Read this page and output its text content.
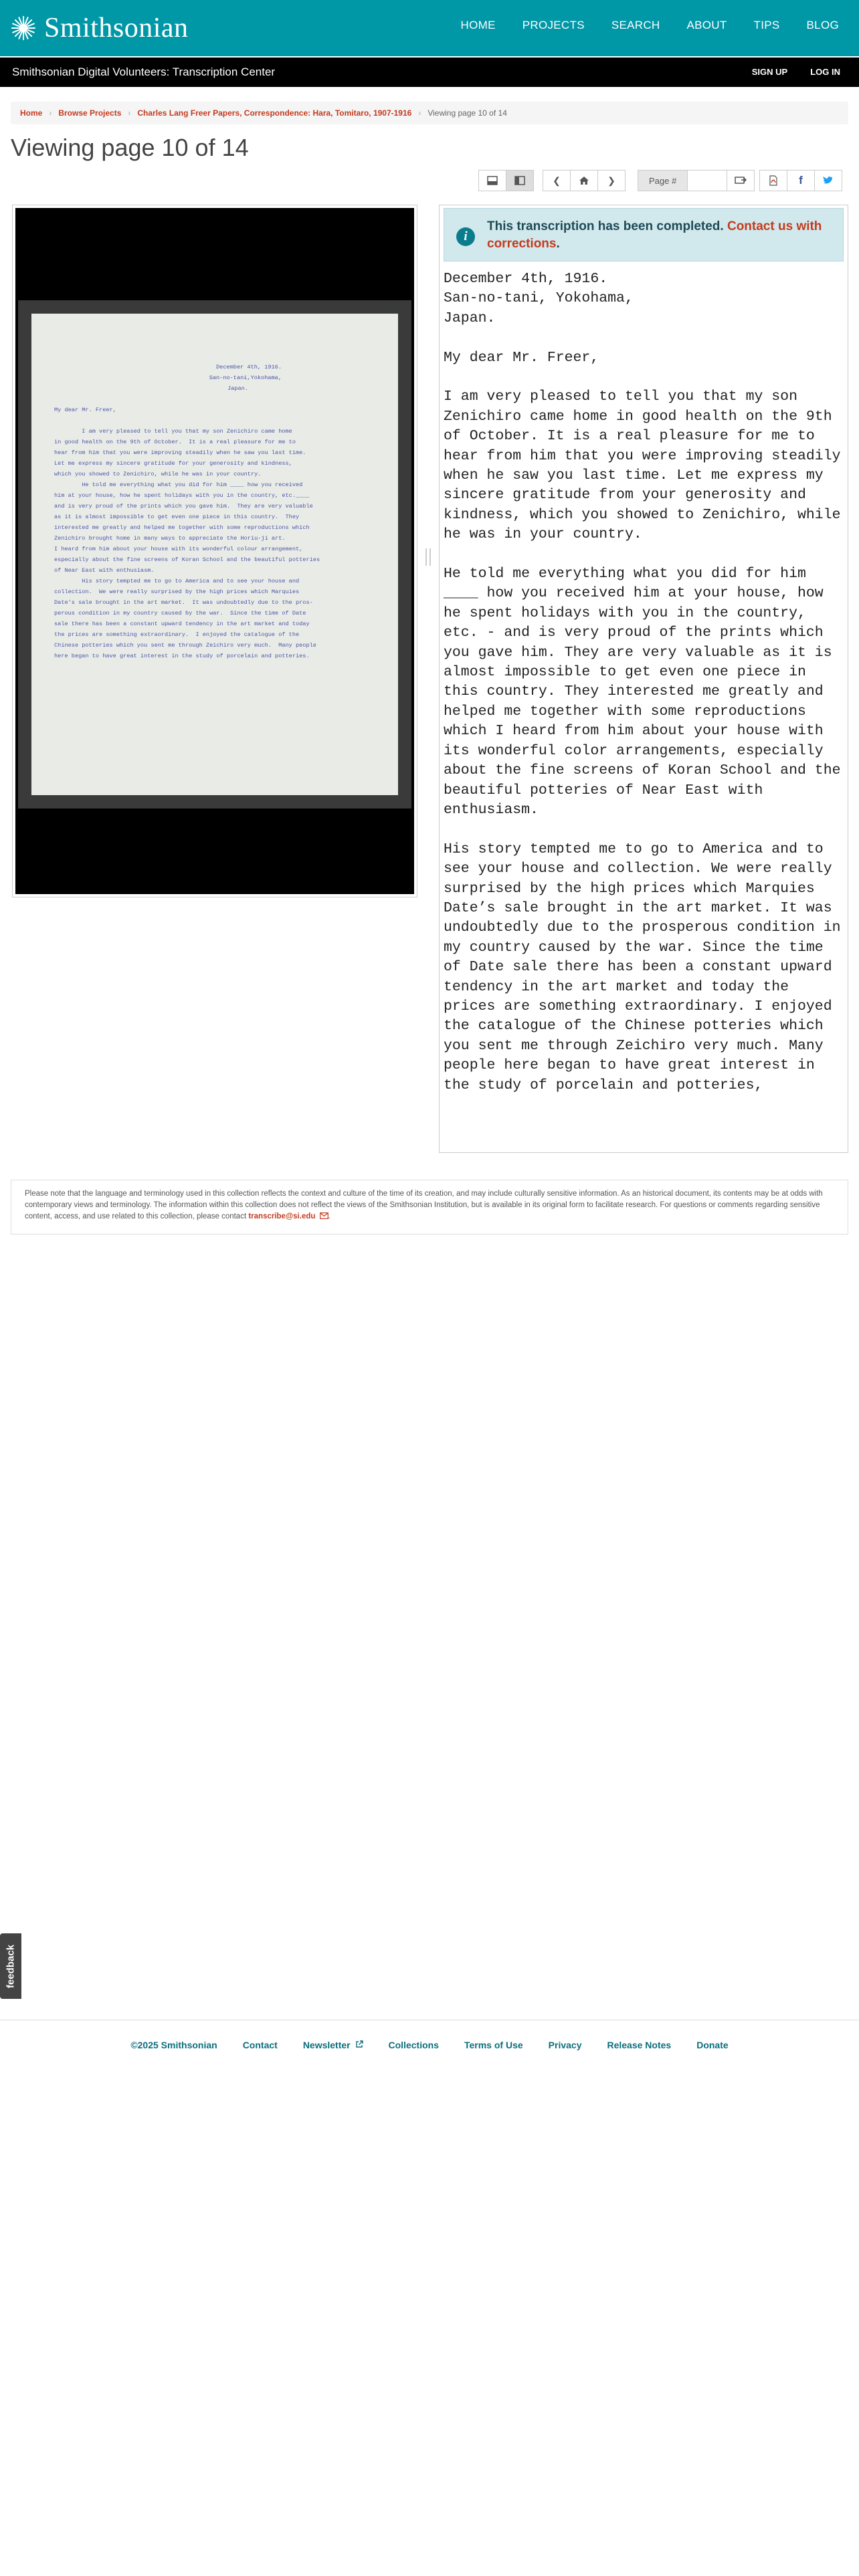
Smithsonian	HOME PROJECTS SEARCH ABOUT TIPS BLOG
Smithsonian Digital Volunteers: Transcription Center	SIGN UP	LOG IN
Home › Browse Projects › Charles Lang Freer Papers, Correspondence: Hara, Tomitaro, 1907-1916 › Viewing page 10 of 14
Viewing page 10 of 14
❮	❯	Page #	f
December 4th, 1916.
San-no-tani,Yokohama,
Japan.
My dear Mr. Freer,
I am very pleased to tell you that my son Zenichiro came home
in good health on the 9th of October.  It is a real pleasure for me to
hear from him that you were improving steadily when he saw you last time.
Let me express my sincere gratitude for your generosity and kindness,
which you showed to Zenichiro, while he was in your country.
He told me everything what you did for him ____ how you received
him at your house, how he spent holidays with you in the country, etc.____
and is very proud of the prints which you gave him.  They are very valuable
as it is almost impossible to get even one piece in this country.  They
interested me greatly and helped me together with some reproductions which
Zenichiro brought home in many ways to appreciate the Horiu-ji art.
I heard from him about your house with its wonderful colour arrangement,
especially about the fine screens of Koran School and the beautiful potteries
of Near East with enthusiasm.
His story tempted me to go to America and to see your house and
collection.  We were really surprised by the high prices which Marquies
Date's sale brought in the art market.  It was undoubtedly due to the pros-
perous condition in my country caused by the war.  Since the time of Date
sale there has been a constant upward tendency in the art market and today
the prices are something extraordinary.  I enjoyed the catalogue of the
Chinese potteries which you sent me through Zeichiro very much.  Many people
here began to have great interest in the study of porcelain and potteries.
i
This transcription has been completed. Contact us with corrections.

December 4th, 1916.
San-no-tani, Yokohama,
Japan.

My dear Mr. Freer,

I am very pleased to tell you that my son Zenichiro came home in good health on the 9th of October. It is a real pleasure for me to hear from him that you were improving steadily when he saw you last time. Let me express my sincere gratitude from your generosity and kindness, which you showed to Zenichiro, while he was in your country.

He told me everything what you did for him ____ how you received him at your house, how he spent holidays with you in the country, etc. - and is very proud of the prints which you gave him. They are very valuable as it is almost impossible to get even one piece in this country. They interested me greatly and helped me together with some reproductions which I heard from him about your house with its wonderful color arrangements, especially about the fine screens of Koran School and the beautiful potteries of Near East with enthusiasm.

His story tempted me to go to America and to see your house and collection. We were really surprised by the high prices which Marquies Date’s sale brought in the art market. It was undoubtedly due to the prosperous condition in my country caused by the war. Since the time of Date sale there has been a constant upward tendency in the art market and today the prices are something extraordinary. I enjoyed the catalogue of the Chinese potteries which you sent me through Zeichiro very much. Many people here began to have great interest in the study of porcelain and potteries,

Please note that the language and terminology used in this collection reflects the context and culture of the time of its creation, and may include culturally sensitive information. As an historical document, its contents may be at odds with contemporary views and terminology. The information within this collection does not reflect the views of the Smithsonian Institution, but is available in its original form to facilitate research. For questions or comments regarding sensitive content, access, and use related to this collection, please contact transcribe@si.edu .
feedback
©2025 Smithsonian	Contact	Newsletter	Collections	Terms of Use	Privacy	Release Notes	Donate
